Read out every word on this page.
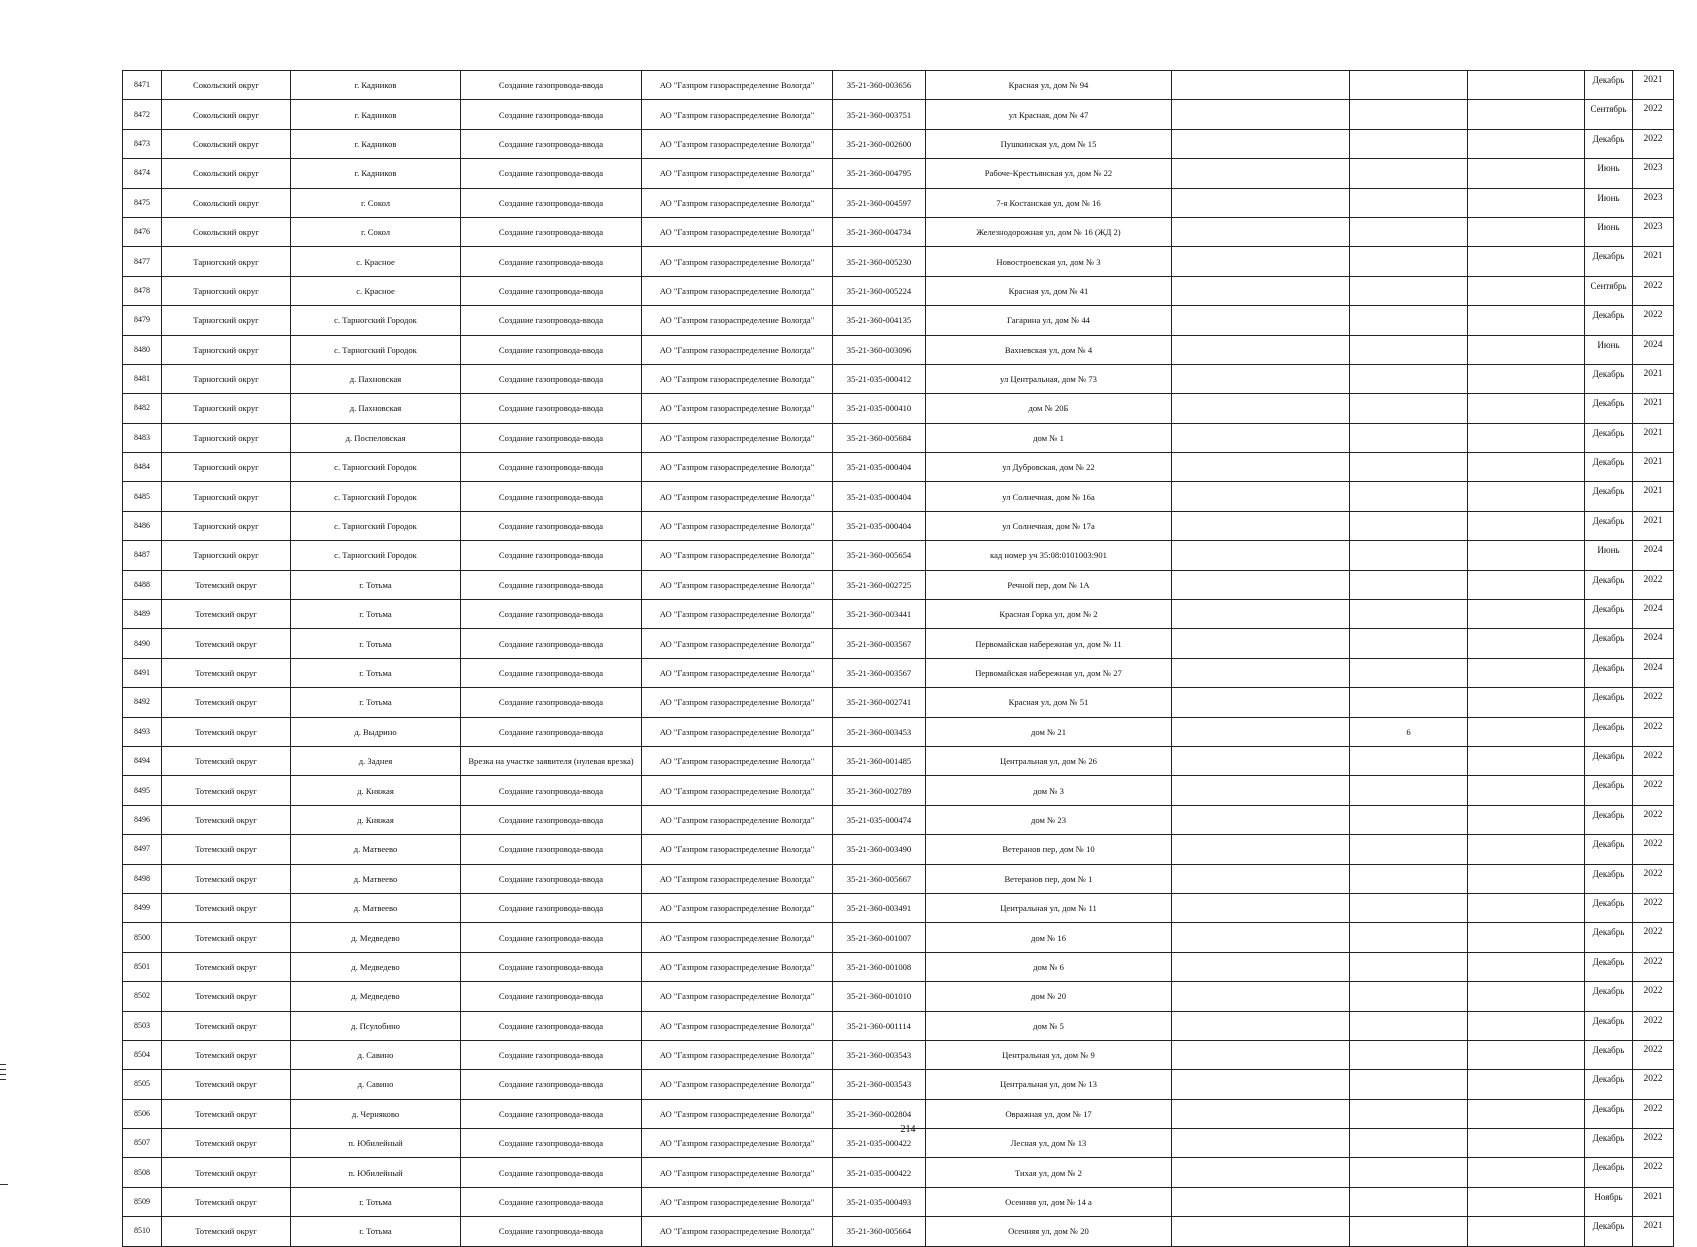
8471	Сокольский округ	г. Кадников	Создание газопровода-ввода	АО "Газпром газораспределение Вологда"	35-21-360-003656	Красная ул, дом № 94				Декабрь	2021
8472	Сокольский округ	г. Кадников	Создание газопровода-ввода	АО "Газпром газораспределение Вологда"	35-21-360-003751	ул Красная, дом № 47				Сентябрь	2022
8473	Сокольский округ	г. Кадников	Создание газопровода-ввода	АО "Газпром газораспределение Вологда"	35-21-360-002600	Пушкинская ул, дом № 15				Декабрь	2022
8474	Сокольский округ	г. Кадников	Создание газопровода-ввода	АО "Газпром газораспределение Вологда"	35-21-360-004795	Рабоче-Крестьянская ул, дом № 22				Июнь	2023
8475	Сокольский округ	г. Сокол	Создание газопровода-ввода	АО "Газпром газораспределение Вологда"	35-21-360-004597	7-я Костанская ул, дом № 16				Июнь	2023
8476	Сокольский округ	г. Сокол	Создание газопровода-ввода	АО "Газпром газораспределение Вологда"	35-21-360-004734	Железнодорожная ул, дом № 16 (ЖД 2)				Июнь	2023
8477	Тарногский округ	с. Красное	Создание газопровода-ввода	АО "Газпром газораспределение Вологда"	35-21-360-005230	Новостроевская ул, дом № 3				Декабрь	2021
8478	Тарногский округ	с. Красное	Создание газопровода-ввода	АО "Газпром газораспределение Вологда"	35-21-360-005224	Красная ул, дом № 41				Сентябрь	2022
8479	Тарногский округ	с. Тарногский Городок	Создание газопровода-ввода	АО "Газпром газораспределение Вологда"	35-21-360-004135	Гагарина ул, дом № 44				Декабрь	2022
8480	Тарногский округ	с. Тарногский Городок	Создание газопровода-ввода	АО "Газпром газораспределение Вологда"	35-21-360-003096	Вахневская ул, дом № 4				Июнь	2024
8481	Тарногский округ	д. Пахновская	Создание газопровода-ввода	АО "Газпром газораспределение Вологда"	35-21-035-000412	ул Центральная, дом № 73				Декабрь	2021
8482	Тарногский округ	д. Пахновская	Создание газопровода-ввода	АО "Газпром газораспределение Вологда"	35-21-035-000410	дом № 20Б				Декабрь	2021
8483	Тарногский округ	д. Поспеловская	Создание газопровода-ввода	АО "Газпром газораспределение Вологда"	35-21-360-005684	дом № 1				Декабрь	2021
8484	Тарногский округ	с. Тарногский Городок	Создание газопровода-ввода	АО "Газпром газораспределение Вологда"	35-21-035-000404	ул Дубровская, дом № 22				Декабрь	2021
8485	Тарногский округ	с. Тарногский Городок	Создание газопровода-ввода	АО "Газпром газораспределение Вологда"	35-21-035-000404	ул Солнечная, дом № 16а				Декабрь	2021
8486	Тарногский округ	с. Тарногский Городок	Создание газопровода-ввода	АО "Газпром газораспределение Вологда"	35-21-035-000404	ул Солнечная, дом № 17а				Декабрь	2021
8487	Тарногский округ	с. Тарногский Городок	Создание газопровода-ввода	АО "Газпром газораспределение Вологда"	35-21-360-005654	кад номер уч 35:08:0101003:901				Июнь	2024
8488	Тотемский округ	г. Тотьма	Создание газопровода-ввода	АО "Газпром газораспределение Вологда"	35-21-360-002725	Речной пер, дом № 1А				Декабрь	2022
8489	Тотемский округ	г. Тотьма	Создание газопровода-ввода	АО "Газпром газораспределение Вологда"	35-21-360-003441	Красная Горка ул, дом № 2				Декабрь	2024
8490	Тотемский округ	г. Тотьма	Создание газопровода-ввода	АО "Газпром газораспределение Вологда"	35-21-360-003567	Первомайская набережная ул, дом № 11				Декабрь	2024
8491	Тотемский округ	г. Тотьма	Создание газопровода-ввода	АО "Газпром газораспределение Вологда"	35-21-360-003567	Первомайская набережная ул, дом № 27				Декабрь	2024
8492	Тотемский округ	г. Тотьма	Создание газопровода-ввода	АО "Газпром газораспределение Вологда"	35-21-360-002741	Красная ул, дом № 51				Декабрь	2022
8493	Тотемский округ	д. Выдрино	Создание газопровода-ввода	АО "Газпром газораспределение Вологда"	35-21-360-003453	дом № 21		6		Декабрь	2022
8494	Тотемский округ	д. Заднея	Врезка на участке заявителя (нулевая врезка)	АО "Газпром газораспределение Вологда"	35-21-360-001485	Центральная ул, дом № 26				Декабрь	2022
8495	Тотемский округ	д. Княжая	Создание газопровода-ввода	АО "Газпром газораспределение Вологда"	35-21-360-002789	дом № 3				Декабрь	2022
8496	Тотемский округ	д. Княжая	Создание газопровода-ввода	АО "Газпром газораспределение Вологда"	35-21-035-000474	дом № 23				Декабрь	2022
8497	Тотемский округ	д. Матвеево	Создание газопровода-ввода	АО "Газпром газораспределение Вологда"	35-21-360-003490	Ветеранов пер, дом № 10				Декабрь	2022
8498	Тотемский округ	д. Матвеево	Создание газопровода-ввода	АО "Газпром газораспределение Вологда"	35-21-360-005667	Ветеранов пер, дом № 1				Декабрь	2022
8499	Тотемский округ	д. Матвеево	Создание газопровода-ввода	АО "Газпром газораспределение Вологда"	35-21-360-003491	Центральная ул, дом № 11				Декабрь	2022
8500	Тотемский округ	д. Медведево	Создание газопровода-ввода	АО "Газпром газораспределение Вологда"	35-21-360-001007	дом № 16				Декабрь	2022
8501	Тотемский округ	д. Медведево	Создание газопровода-ввода	АО "Газпром газораспределение Вологда"	35-21-360-001008	дом № 6				Декабрь	2022
8502	Тотемский округ	д. Медведево	Создание газопровода-ввода	АО "Газпром газораспределение Вологда"	35-21-360-001010	дом № 20				Декабрь	2022
8503	Тотемский округ	д. Псулобино	Создание газопровода-ввода	АО "Газпром газораспределение Вологда"	35-21-360-001114	дом № 5				Декабрь	2022
8504	Тотемский округ	д. Савино	Создание газопровода-ввода	АО "Газпром газораспределение Вологда"	35-21-360-003543	Центральная ул, дом № 9				Декабрь	2022
8505	Тотемский округ	д. Савино	Создание газопровода-ввода	АО "Газпром газораспределение Вологда"	35-21-360-003543	Центральная ул, дом № 13				Декабрь	2022
8506	Тотемский округ	д. Черняково	Создание газопровода-ввода	АО "Газпром газораспределение Вологда"	35-21-360-002804	Овражная ул, дом № 17				Декабрь	2022
8507	Тотемский округ	п. Юбилейный	Создание газопровода-ввода	АО "Газпром газораспределение Вологда"	35-21-035-000422	Лесная ул, дом № 13				Декабрь	2022
8508	Тотемский округ	п. Юбилейный	Создание газопровода-ввода	АО "Газпром газораспределение Вологда"	35-21-035-000422	Тихая ул, дом № 2				Декабрь	2022
8509	Тотемский округ	г. Тотьма	Создание газопровода-ввода	АО "Газпром газораспределение Вологда"	35-21-035-000493	Осенняя ул, дом № 14 а				Ноябрь	2021
8510	Тотемский округ	г. Тотьма	Создание газопровода-ввода	АО "Газпром газораспределение Вологда"	35-21-360-005664	Осенняя ул, дом № 20				Декабрь	2021
214
